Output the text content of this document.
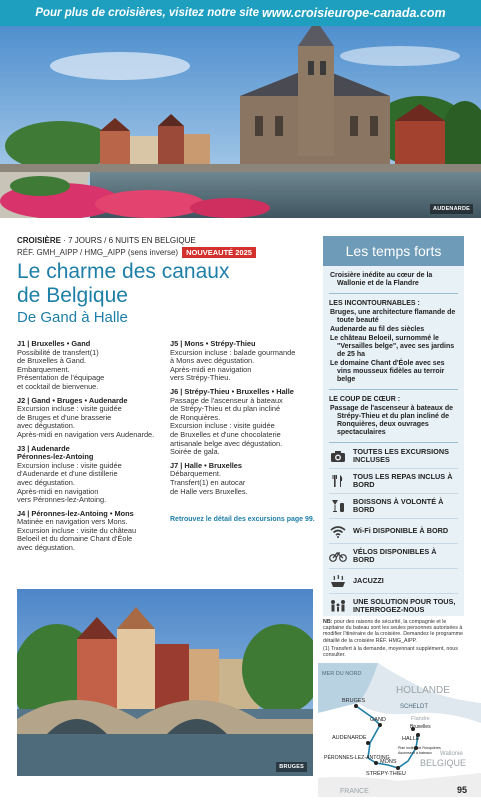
Pour plus de croisières, visitez notre site www.croisieurope-canada.com
AUDENARDE
CROISIÈRE · 7 JOURS / 6 NUITS EN BELGIQUE
RÉF. GMH_AIPP / HMG_AIPP (sens inverse)	NOUVEAUTÉ 2025
Le charme des canaux
de Belgique
De Gand à Halle
J1 | Bruxelles • Gand
Possibilité de transfert(1)
de Bruxelles à Gand.
Embarquement.
Présentation de l'équipage
et cocktail de bienvenue.
J2 | Gand • Bruges • Audenarde
Excursion incluse : visite guidée
de Bruges et d'une brasserie
avec dégustation.
Après-midi en navigation vers Audenarde.
J3 | Audenarde
Péronnes-lez-Antoing
Excursion incluse : visite guidée
d'Audenarde et d'une distillerie
avec dégustation.
Après-midi en navigation
vers Péronnes-lez-Antoing.
J4 | Péronnes-lez-Antoing • Mons
Matinée en navigation vers Mons.
Excursion incluse : visite du château
Beloeil et du domaine Chant d'Éole
avec dégustation.
J5 | Mons • Strépy-Thieu
Excursion incluse : balade gourmande
à Mons avec dégustation.
Après-midi en navigation
vers Strépy-Thieu.
J6 | Strépy-Thieu • Bruxelles • Halle
Passage de l'ascenseur à bateaux
de Strépy-Thieu et du plan incliné
de Ronquières.
Excursion incluse : visite guidée
de Bruxelles et d'une chocolaterie
artisanale belge avec dégustation.
Soirée de gala.
J7 | Halle • Bruxelles
Débarquement.
Transfert(1) en autocar
de Halle vers Bruxelles.
Retrouvez le détail des excursions page 99.
BRUGES
Les temps forts
Croisière inédite au cœur de la Wallonie et de la Flandre
LES INCONTOURNABLES :
Bruges, une architecture flamande de toute beauté
Audenarde au fil des siècles
Le château Beloeil, surnommé le "Versailles belge", avec ses jardins de 25 ha
Le domaine Chant d'Éole avec ses vins mousseux fidèles au terroir belge
LE COUP DE CŒUR :
Passage de l'ascenseur à bateaux de Strépy-Thieu et du plan incliné de Ronquières, deux ouvrages spectaculaires
TOUTES LES EXCURSIONS INCLUSES
TOUS LES REPAS INCLUS À BORD
BOISSONS À VOLONTÉ À BORD
Wi-Fi DISPONIBLE À BORD
VÉLOS DISPONIBLES À BORD
JACUZZI
UNE SOLUTION POUR TOUS, INTERROGEZ-NOUS
NB: pour des raisons de sécurité, la compagnie et le capitaine du bateau sont les seules personnes autorisées à modifier l'itinéraire de la croisière. Demandez le programme détaillé de la croisière RÉF. HMG_AIPP.
(1) Transfert à la demande, moyennant supplément, nous consulter.
MER DU NORD
HOLLANDE
SCHELDT
Flandre
BELGIQUE
Wallonie
FRANCE
BRUGES
GAND
AUDENARDE
Bruxelles
HALLE
Plan incliné de Ronquières
Ascenseur à bateaux
PÉRONNES-LEZ-ANTOING
MONS
STRÉPY-THIEU
95
